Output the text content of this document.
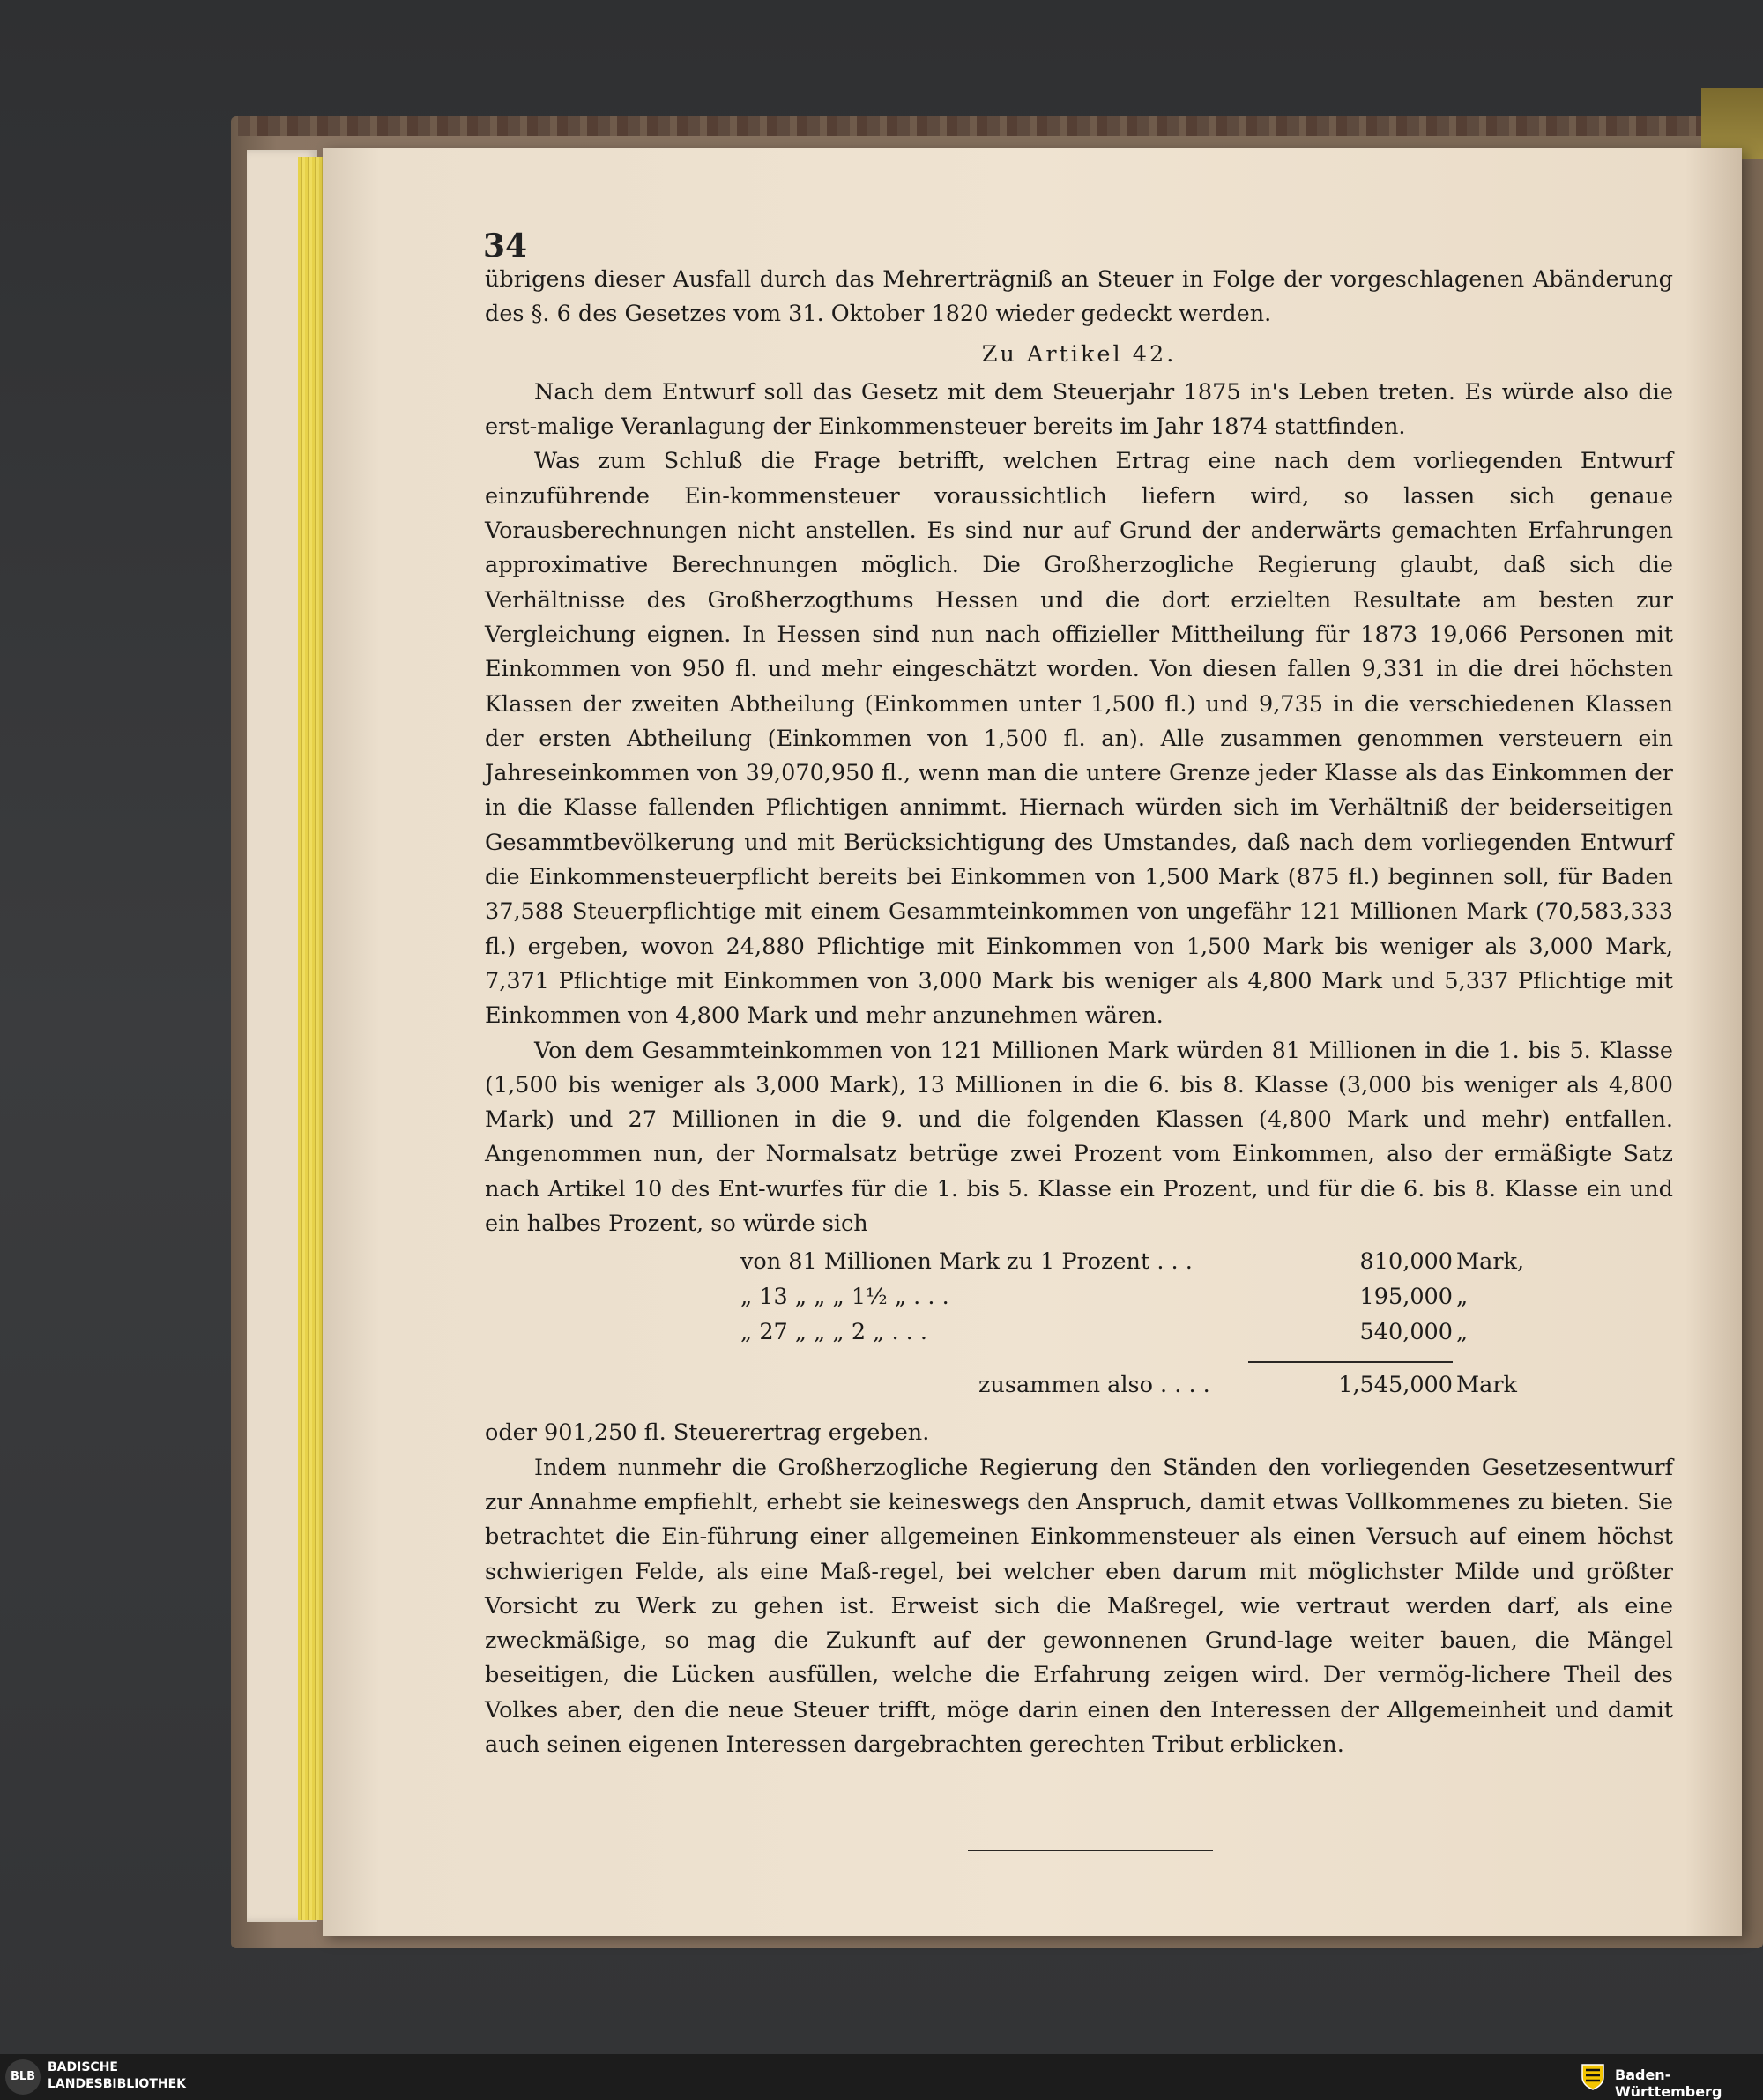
34

übrigens dieser Ausfall durch das Mehrerträgniß an Steuer in Folge der vorgeschlagenen Abänderung des §. 6 des Gesetzes vom 31. Oktober 1820 wieder gedeckt werden.

Zu Artikel 42.

Nach dem Entwurf soll das Gesetz mit dem Steuerjahr 1875 in's Leben treten. Es würde also die erst-malige Veranlagung der Einkommensteuer bereits im Jahr 1874 stattfinden.

Was zum Schluß die Frage betrifft, welchen Ertrag eine nach dem vorliegenden Entwurf einzuführende Ein-kommensteuer voraussichtlich liefern wird, so lassen sich genaue Vorausberechnungen nicht anstellen. Es sind nur auf Grund der anderwärts gemachten Erfahrungen approximative Berechnungen möglich. Die Großherzogliche Regierung glaubt, daß sich die Verhältnisse des Großherzogthums Hessen und die dort erzielten Resultate am besten zur Vergleichung eignen. In Hessen sind nun nach offizieller Mittheilung für 1873 19,066 Personen mit Einkommen von 950 fl. und mehr eingeschätzt worden. Von diesen fallen 9,331 in die drei höchsten Klassen der zweiten Abtheilung (Einkommen unter 1,500 fl.) und 9,735 in die verschiedenen Klassen der ersten Abtheilung (Einkommen von 1,500 fl. an). Alle zusammen genommen versteuern ein Jahreseinkommen von 39,070,950 fl., wenn man die untere Grenze jeder Klasse als das Einkommen der in die Klasse fallenden Pflichtigen annimmt. Hiernach würden sich im Verhältniß der beiderseitigen Gesammtbevölkerung und mit Berücksichtigung des Umstandes, daß nach dem vorliegenden Entwurf die Einkommensteuerpflicht bereits bei Einkommen von 1,500 Mark (875 fl.) beginnen soll, für Baden 37,588 Steuerpflichtige mit einem Gesammteinkommen von ungefähr 121 Millionen Mark (70,583,333 fl.) ergeben, wovon 24,880 Pflichtige mit Einkommen von 1,500 Mark bis weniger als 3,000 Mark, 7,371 Pflichtige mit Einkommen von 3,000 Mark bis weniger als 4,800 Mark und 5,337 Pflichtige mit Einkommen von 4,800 Mark und mehr anzunehmen wären.

Von dem Gesammteinkommen von 121 Millionen Mark würden 81 Millionen in die 1. bis 5. Klasse (1,500 bis weniger als 3,000 Mark), 13 Millionen in die 6. bis 8. Klasse (3,000 bis weniger als 4,800 Mark) und 27 Millionen in die 9. und die folgenden Klassen (4,800 Mark und mehr) entfallen. Angenommen nun, der Normalsatz betrüge zwei Prozent vom Einkommen, also der ermäßigte Satz nach Artikel 10 des Ent-wurfes für die 1. bis 5. Klasse ein Prozent, und für die 6. bis 8. Klasse ein und ein halbes Prozent, so würde sich

von 81 Millionen Mark zu 1 Prozent . . .	810,000 Mark,
„ 13 „ „ „ 1½ „ . . .	195,000 „
„ 27 „ „ „ 2 „ . . .	540,000 „
zusammen also . . . .	1,545,000 Mark

oder 901,250 fl. Steuerertrag ergeben.

Indem nunmehr die Großherzogliche Regierung den Ständen den vorliegenden Gesetzesentwurf zur Annahme empfiehlt, erhebt sie keineswegs den Anspruch, damit etwas Vollkommenes zu bieten. Sie betrachtet die Ein-führung einer allgemeinen Einkommensteuer als einen Versuch auf einem höchst schwierigen Felde, als eine Maß-regel, bei welcher eben darum mit möglichster Milde und größter Vorsicht zu Werk zu gehen ist. Erweist sich die Maßregel, wie vertraut werden darf, als eine zweckmäßige, so mag die Zukunft auf der gewonnenen Grund-lage weiter bauen, die Mängel beseitigen, die Lücken ausfüllen, welche die Erfahrung zeigen wird. Der vermög-lichere Theil des Volkes aber, den die neue Steuer trifft, möge darin einen den Interessen der Allgemeinheit und damit auch seinen eigenen Interessen dargebrachten gerechten Tribut erblicken.

BLB
BADISCHE
LANDESBIBLIOTHEK
Baden-Württemberg
